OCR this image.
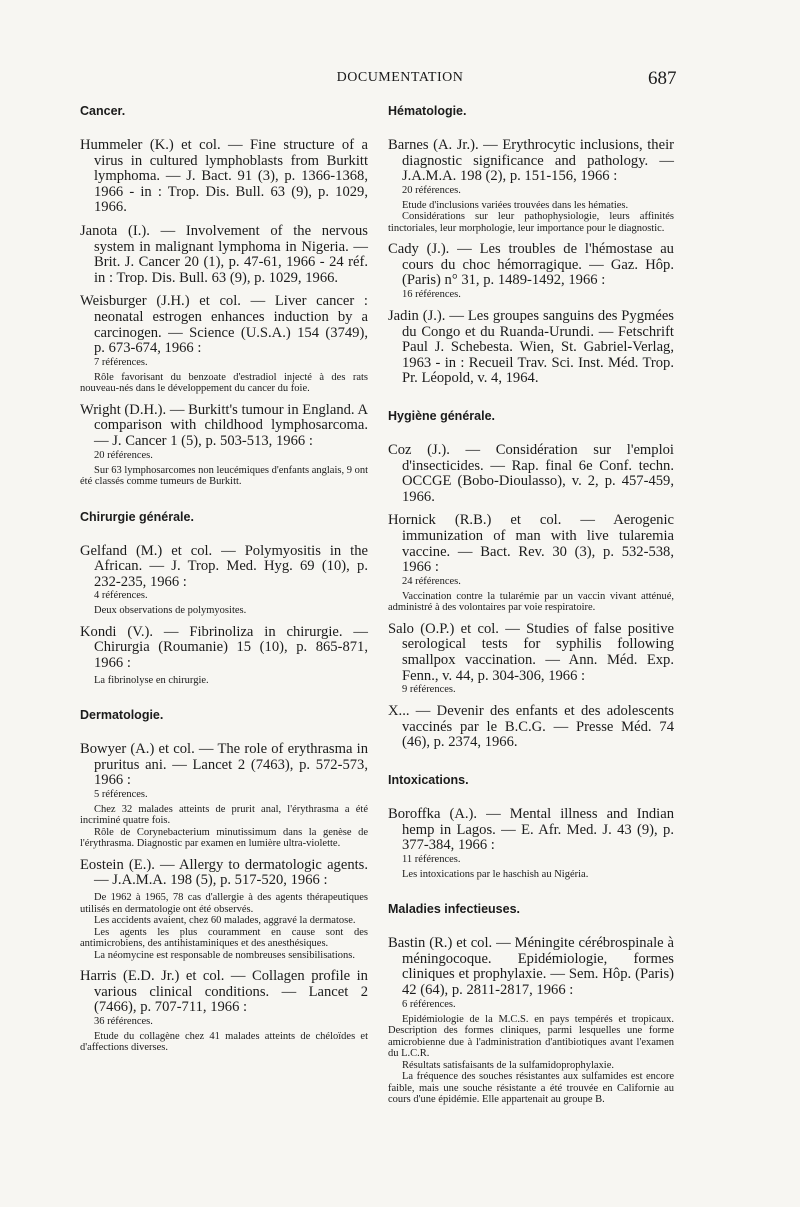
DOCUMENTATION	687
Cancer.

Hummeler (K.) et col. — Fine structure of a virus in cultured lymphoblasts from Burkitt lymphoma. — J. Bact. 91 (3), p. 1366-1368, 1966 - in : Trop. Dis. Bull. 63 (9), p. 1029, 1966.

Janota (I.). — Involvement of the nervous system in malignant lymphoma in Nigeria. —Brit. J. Cancer 20 (1), p. 47-61, 1966 - 24 réf. in : Trop. Dis. Bull. 63 (9), p. 1029, 1966.

Weisburger (J.H.) et col. — Liver cancer : neonatal estrogen enhances induction by a carcinogen. — Science (U.S.A.) 154 (3749), p. 673-674, 1966 :

7 références.

Rôle favorisant du benzoate d'estradiol injecté à des rats nouveau-nés dans le développement du cancer du foie.

Wright (D.H.). — Burkitt's tumour in England. A comparison with childhood lymphosarcoma. — J. Cancer 1 (5), p. 503-513, 1966 :

20 références.

Sur 63 lymphosarcomes non leucémiques d'enfants anglais, 9 ont été classés comme tumeurs de Burkitt.

Chirurgie générale.

Gelfand (M.) et col. — Polymyositis in the African. — J. Trop. Med. Hyg. 69 (10), p. 232-235, 1966 :

4 références.

Deux observations de polymyosites.

Kondi (V.). — Fibrinoliza in chirurgie. — Chirurgia (Roumanie) 15 (10), p. 865-871, 1966 :

La fibrinolyse en chirurgie.

Dermatologie.

Bowyer (A.) et col. — The role of erythrasma in pruritus ani. — Lancet 2 (7463), p. 572-573, 1966 :

5 références.

Chez 32 malades atteints de prurit anal, l'érythrasma a été incriminé quatre fois.

Rôle de Corynebacterium minutissimum dans la genèse de l'érythrasma. Diagnostic par examen en lumière ultra-violette.

Eostein (E.). — Allergy to dermatologic agents. — J.A.M.A. 198 (5), p. 517-520, 1966 :

De 1962 à 1965, 78 cas d'allergie à des agents thérapeutiques utilisés en dermatologie ont été observés.

Les accidents avaient, chez 60 malades, aggravé la dermatose.

Les agents les plus couramment en cause sont des antimicrobiens, des antihistaminiques et des anesthésiques.

La néomycine est responsable de nombreuses sensibilisations.

Harris (E.D. Jr.) et col. — Collagen profile in various clinical conditions. — Lancet 2 (7466), p. 707-711, 1966 :

36 références.

Etude du collagène chez 41 malades atteints de chéloïdes et d'affections diverses.

Hématologie.

Barnes (A. Jr.). — Erythrocytic inclusions, their diagnostic significance and pathology. — J.A.M.A. 198 (2), p. 151-156, 1966 :

20 références.

Etude d'inclusions variées trouvées dans les hématies.

Considérations sur leur pathophysiologie, leurs affinités tinctoriales, leur morphologie, leur importance pour le diagnostic.

Cady (J.). — Les troubles de l'hémostase au cours du choc hémorragique. — Gaz. Hôp. (Paris) n° 31, p. 1489-1492, 1966 :

16 références.

Jadin (J.). — Les groupes sanguins des Pygmées du Congo et du Ruanda-Urundi. — Fetschrift Paul J. Schebesta. Wien, St. Gabriel-Verlag, 1963 - in : Recueil Trav. Sci. Inst. Méd. Trop. Pr. Léopold, v. 4, 1964.

Hygiène générale.

Coz (J.). — Considération sur l'emploi d'insecticides. — Rap. final 6e Conf. techn. OCCGE (Bobo-Dioulasso), v. 2, p. 457-459, 1966.

Hornick (R.B.) et col. — Aerogenic immunization of man with live tularemia vaccine. — Bact. Rev. 30 (3), p. 532-538, 1966 :

24 références.

Vaccination contre la tularémie par un vaccin vivant atténué, administré à des volontaires par voie respiratoire.

Salo (O.P.) et col. — Studies of false positive serological tests for syphilis following smallpox vaccination. — Ann. Méd. Exp. Fenn., v. 44, p. 304-306, 1966 :

9 références.

X... — Devenir des enfants et des adolescents vaccinés par le B.C.G. — Presse Méd. 74 (46), p. 2374, 1966.

Intoxications.

Boroffka (A.). — Mental illness and Indian hemp in Lagos. — E. Afr. Med. J. 43 (9), p. 377-384, 1966 :

11 références.

Les intoxications par le haschish au Nigéria.

Maladies infectieuses.

Bastin (R.) et col. — Méningite cérébrospinale à méningocoque. Epidémiologie, formes cliniques et prophylaxie. — Sem. Hôp. (Paris) 42 (64), p. 2811-2817, 1966 :

6 références.

Epidémiologie de la M.C.S. en pays tempérés et tropicaux. Description des formes cliniques, parmi lesquelles une forme amicrobienne due à l'administration d'antibiotiques avant l'examen du L.C.R.

Résultats satisfaisants de la sulfamidoprophylaxie.

La fréquence des souches résistantes aux sulfamides est encore faible, mais une souche résistante a été trouvée en Californie au cours d'une épidémie. Elle appartenait au groupe B.
